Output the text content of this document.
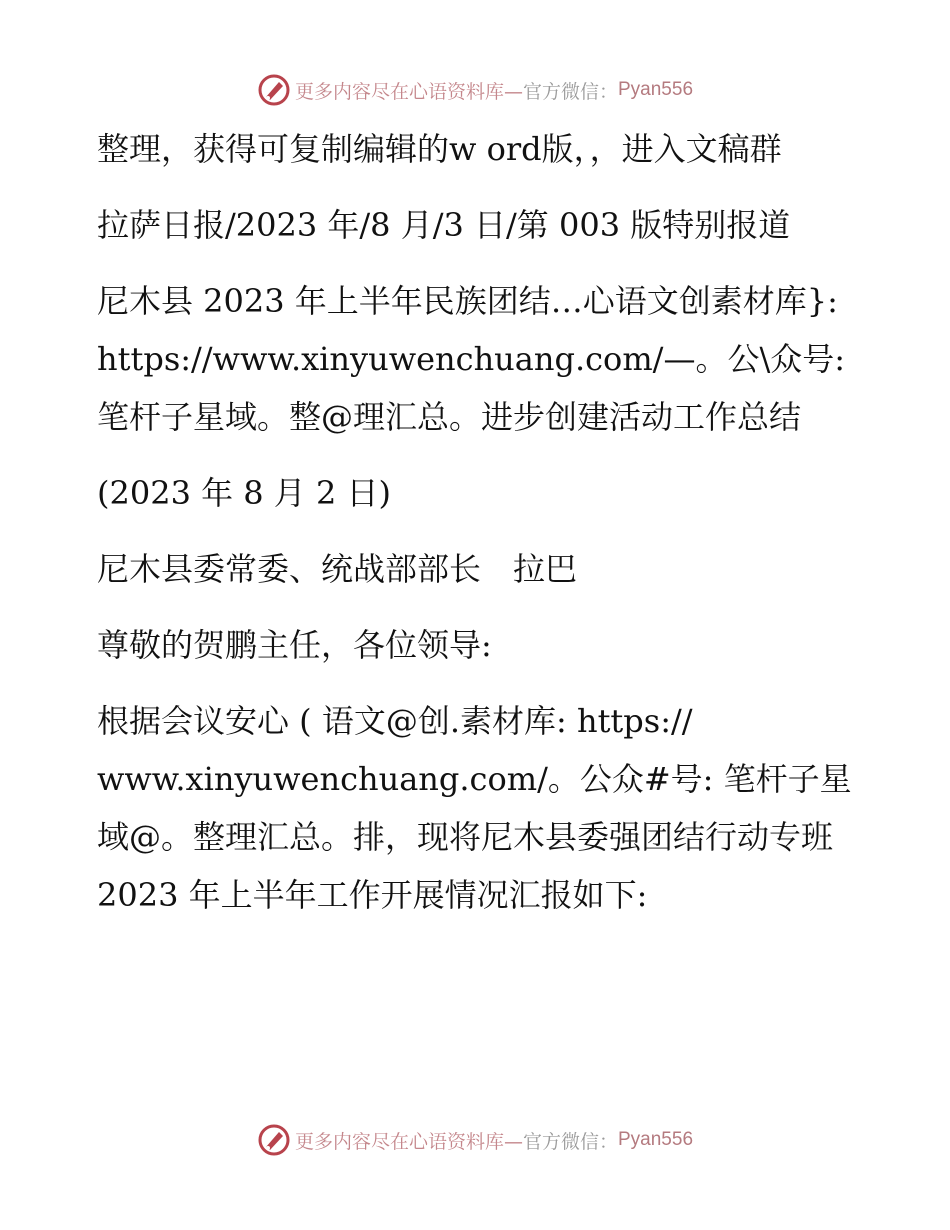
更多内容尽在心语资料库— 官方微信： Pyan556

整理，获得可复制编辑的w ord版，，进入文稿群

拉萨日报/2023 年/8 月/3 日/第 003 版特别报道

尼木县 2023 年上半年民族团结…心语文创素材库}: https://www.xinyuwenchuang.com/—。公\众号: 笔杆子星域。整@理汇总。进步创建活动工作总结

(2023 年 8 月 2 日)

尼木县委常委、统战部部长　拉巴

尊敬的贺鹏主任，各位领导:

根据会议安心 ( 语文@创.素材库: https:// www.xinyuwenchuang.com/。公众#号: 笔杆子星域@。整理汇总。排，现将尼木县委强团结行动专班 2023 年上半年工作开展情况汇报如下:

更多内容尽在心语资料库— 官方微信： Pyan556
